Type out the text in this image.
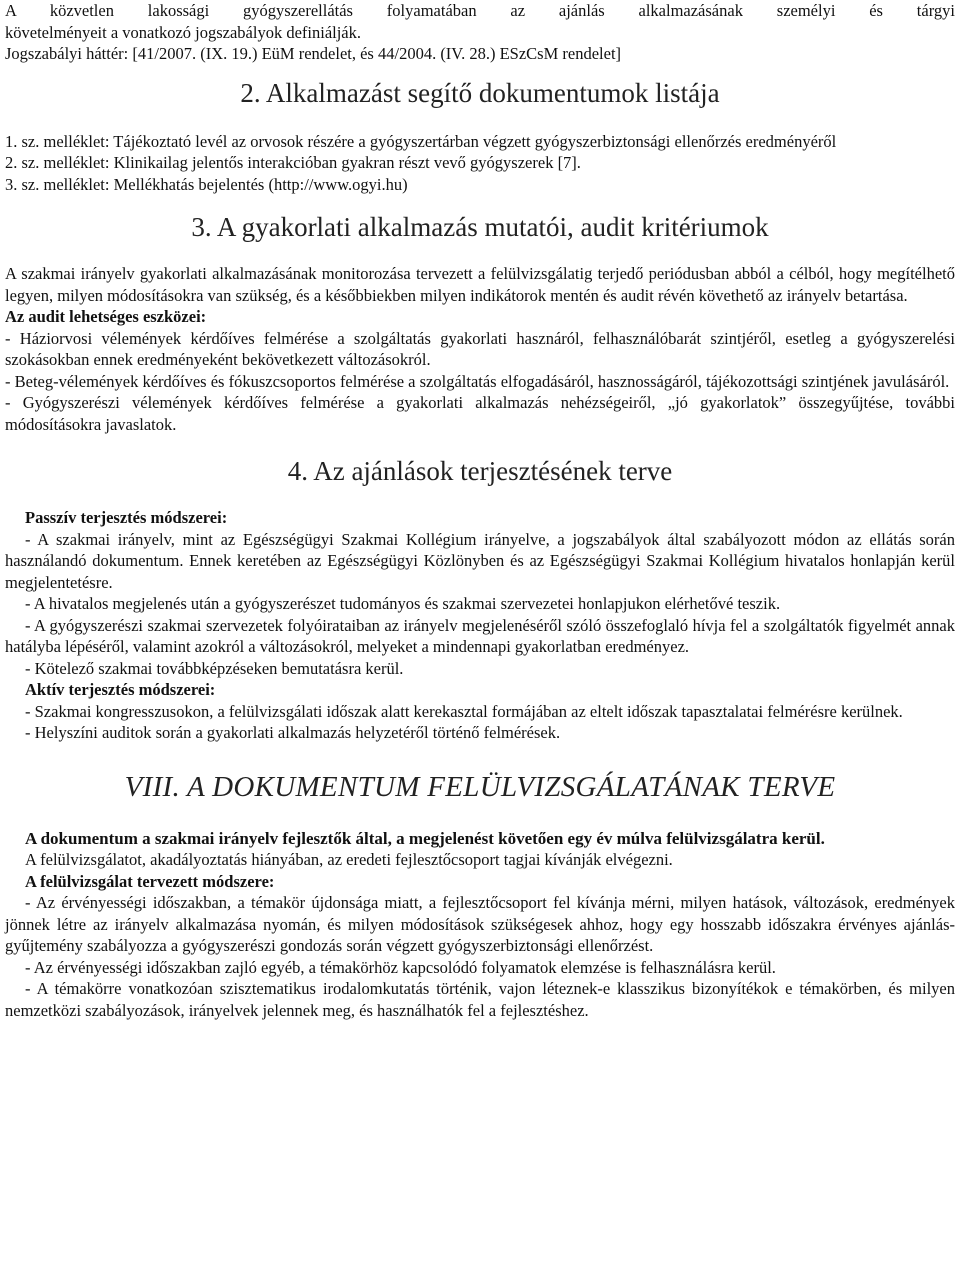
A közvetlen lakossági gyógyszerellátás folyamatában az ajánlás alkalmazásának személyi és tárgyi

követelményeit a vonatkozó jogszabályok definiálják.

Jogszabályi háttér: [41/2007. (IX. 19.) EüM rendelet, és 44/2004. (IV. 28.) ESzCsM rendelet]

2. Alkalmazást segítő dokumentumok listája

1. sz. melléklet: Tájékoztató levél az orvosok részére a gyógyszertárban végzett gyógyszerbiztonsági ellenőrzés eredményéről

2. sz. melléklet: Klinikailag jelentős interakcióban gyakran részt vevő gyógyszerek [7].

3. sz. melléklet: Mellékhatás bejelentés (http://www.ogyi.hu)

3. A gyakorlati alkalmazás mutatói, audit kritériumok

A szakmai irányelv gyakorlati alkalmazásának monitorozása tervezett a felülvizsgálatig terjedő periódusban abból a célból, hogy megítélhető legyen, milyen módosításokra van szükség, és a későbbiekben milyen indikátorok mentén és audit révén követhető az irányelv betartása.

Az audit lehetséges eszközei:

- Háziorvosi vélemények kérdőíves felmérése a szolgáltatás gyakorlati hasznáról, felhasználóbarát szintjéről, esetleg a gyógyszerelési szokásokban ennek eredményeként bekövetkezett változásokról.

- Beteg-vélemények kérdőíves és fókuszcsoportos felmérése a szolgáltatás elfogadásáról, hasznosságáról, tájékozottsági szintjének javulásáról.

- Gyógyszerészi vélemények kérdőíves felmérése a gyakorlati alkalmazás nehézségeiről, „jó gyakorlatok” összegyűjtése, további módosításokra javaslatok.

4. Az ajánlások terjesztésének terve

Passzív terjesztés módszerei:

- A szakmai irányelv, mint az Egészségügyi Szakmai Kollégium irányelve, a jogszabályok által szabályozott módon az ellátás során használandó dokumentum. Ennek keretében az Egészségügyi Közlönyben és az Egészségügyi Szakmai Kollégium hivatalos honlapján kerül megjelentetésre.

- A hivatalos megjelenés után a gyógyszerészet tudományos és szakmai szervezetei honlapjukon elérhetővé teszik.

- A gyógyszerészi szakmai szervezetek folyóirataiban az irányelv megjelenéséről szóló összefoglaló hívja fel a szolgáltatók figyelmét annak hatályba lépéséről, valamint azokról a változásokról, melyeket a mindennapi gyakorlatban eredményez.

- Kötelező szakmai továbbképzéseken bemutatásra kerül.

Aktív terjesztés módszerei:

- Szakmai kongresszusokon, a felülvizsgálati időszak alatt kerekasztal formájában az eltelt időszak tapasztalatai felmérésre kerülnek.

- Helyszíni auditok során a gyakorlati alkalmazás helyzetéről történő felmérések.

VIII. A DOKUMENTUM FELÜLVIZSGÁLATÁNAK TERVE

A dokumentum a szakmai irányelv fejlesztők által, a megjelenést követően egy év múlva felülvizsgálatra kerül.

A felülvizsgálatot, akadályoztatás hiányában, az eredeti fejlesztőcsoport tagjai kívánják elvégezni.

A felülvizsgálat tervezett módszere:

- Az érvényességi időszakban, a témakör újdonsága miatt, a fejlesztőcsoport fel kívánja mérni, milyen hatások, változások, eredmények jönnek létre az irányelv alkalmazása nyomán, és milyen módosítások szükségesek ahhoz, hogy egy hosszabb időszakra érvényes ajánlás-gyűjtemény szabályozza a gyógyszerészi gondozás során végzett gyógyszerbiztonsági ellenőrzést.

- Az érvényességi időszakban zajló egyéb, a témakörhöz kapcsolódó folyamatok elemzése is felhasználásra kerül.

- A témakörre vonatkozóan szisztematikus irodalomkutatás történik, vajon léteznek-e klasszikus bizonyítékok e témakörben, és milyen nemzetközi szabályozások, irányelvek jelennek meg, és használhatók fel a fejlesztéshez.
